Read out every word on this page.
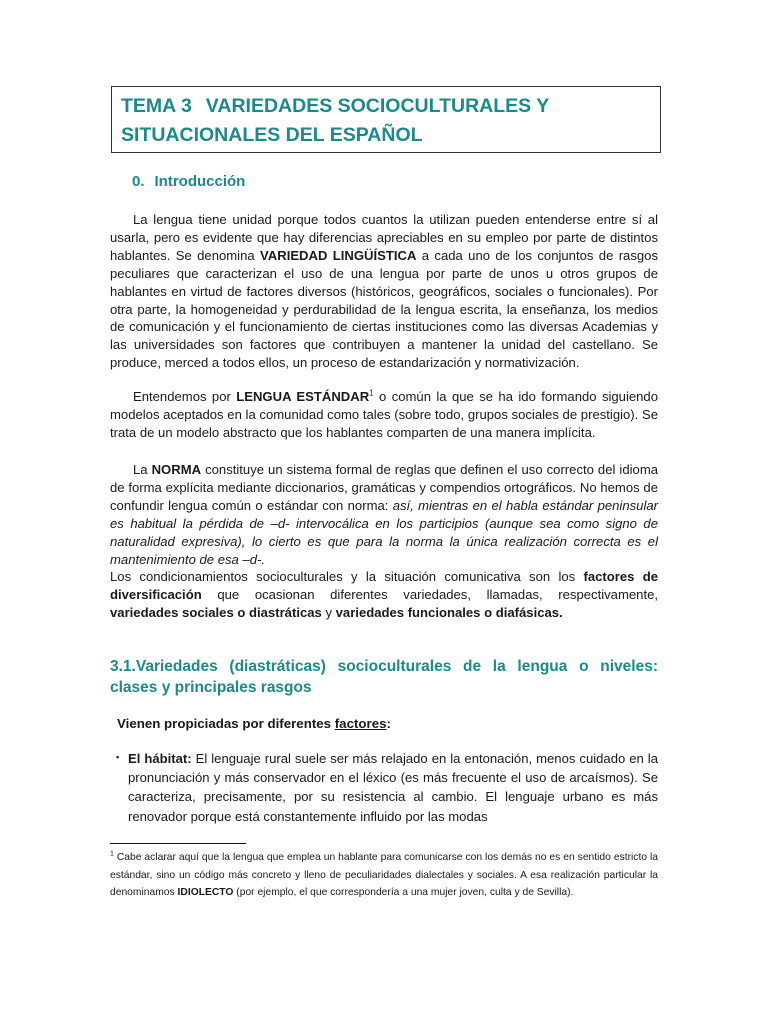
TEMA 3 VARIEDADES SOCIOCULTURALES Y
SITUACIONALES DEL ESPAÑOL
0. Introducción

La lengua tiene unidad porque todos cuantos la utilizan pueden entenderse entre sí al usarla, pero es evidente que hay diferencias apreciables en su empleo por parte de distintos hablantes. Se denomina VARIEDAD LINGÜÍSTICA a cada uno de los conjuntos de rasgos peculiares que caracterizan el uso de una lengua por parte de unos u otros grupos de hablantes en virtud de factores diversos (históricos, geográficos, sociales o funcionales). Por otra parte, la homogeneidad y perdurabilidad de la lengua escrita, la enseñanza, los medios de comunicación y el funcionamiento de ciertas instituciones como las diversas Academias y las universidades son factores que contribuyen a mantener la unidad del castellano. Se produce, merced a todos ellos, un proceso de estandarización y normativización.

Entendemos por LENGUA ESTÁNDAR$^1$ o común la que se ha ido formando siguiendo modelos aceptados en la comunidad como tales (sobre todo, grupos sociales de prestigio). Se trata de un modelo abstracto que los hablantes comparten de una manera implícita.

La NORMA constituye un sistema formal de reglas que definen el uso correcto del idioma de forma explícita mediante diccionarios, gramáticas y compendios ortográficos. No hemos de confundir lengua común o estándar con norma: así, mientras en el habla estándar peninsular es habitual la pérdida de –d- intervocálica en los participios (aunque sea como signo de naturalidad expresiva), lo cierto es que para la norma la única realización correcta es el mantenimiento de esa –d-.

Los condicionamientos socioculturales y la situación comunicativa son los factores de diversificación que ocasionan diferentes variedades, llamadas, respectivamente, variedades sociales o diastráticas y variedades funcionales o diafásicas.

3.1.Variedades (diastráticas) socioculturales de la lengua o niveles:
clases y principales rasgos
Vienen propiciadas por diferentes factores:
▪ El hábitat: El lenguaje rural suele ser más relajado en la entonación, menos cuidado en la pronunciación y más conservador en el léxico (es más frecuente el uso de arcaísmos). Se caracteriza, precisamente, por su resistencia al cambio. El lenguaje urbano es más renovador porque está constantemente influido por las modas
$^1$ Cabe aclarar aquí que la lengua que emplea un hablante para comunicarse con los demás no es en sentido estricto la estándar, sino un código más concreto y lleno de peculiaridades dialectales y sociales. A esa realización particular la denominamos IDIOLECTO (por ejemplo, el que correspondería a una mujer joven, culta y de Sevilla).
